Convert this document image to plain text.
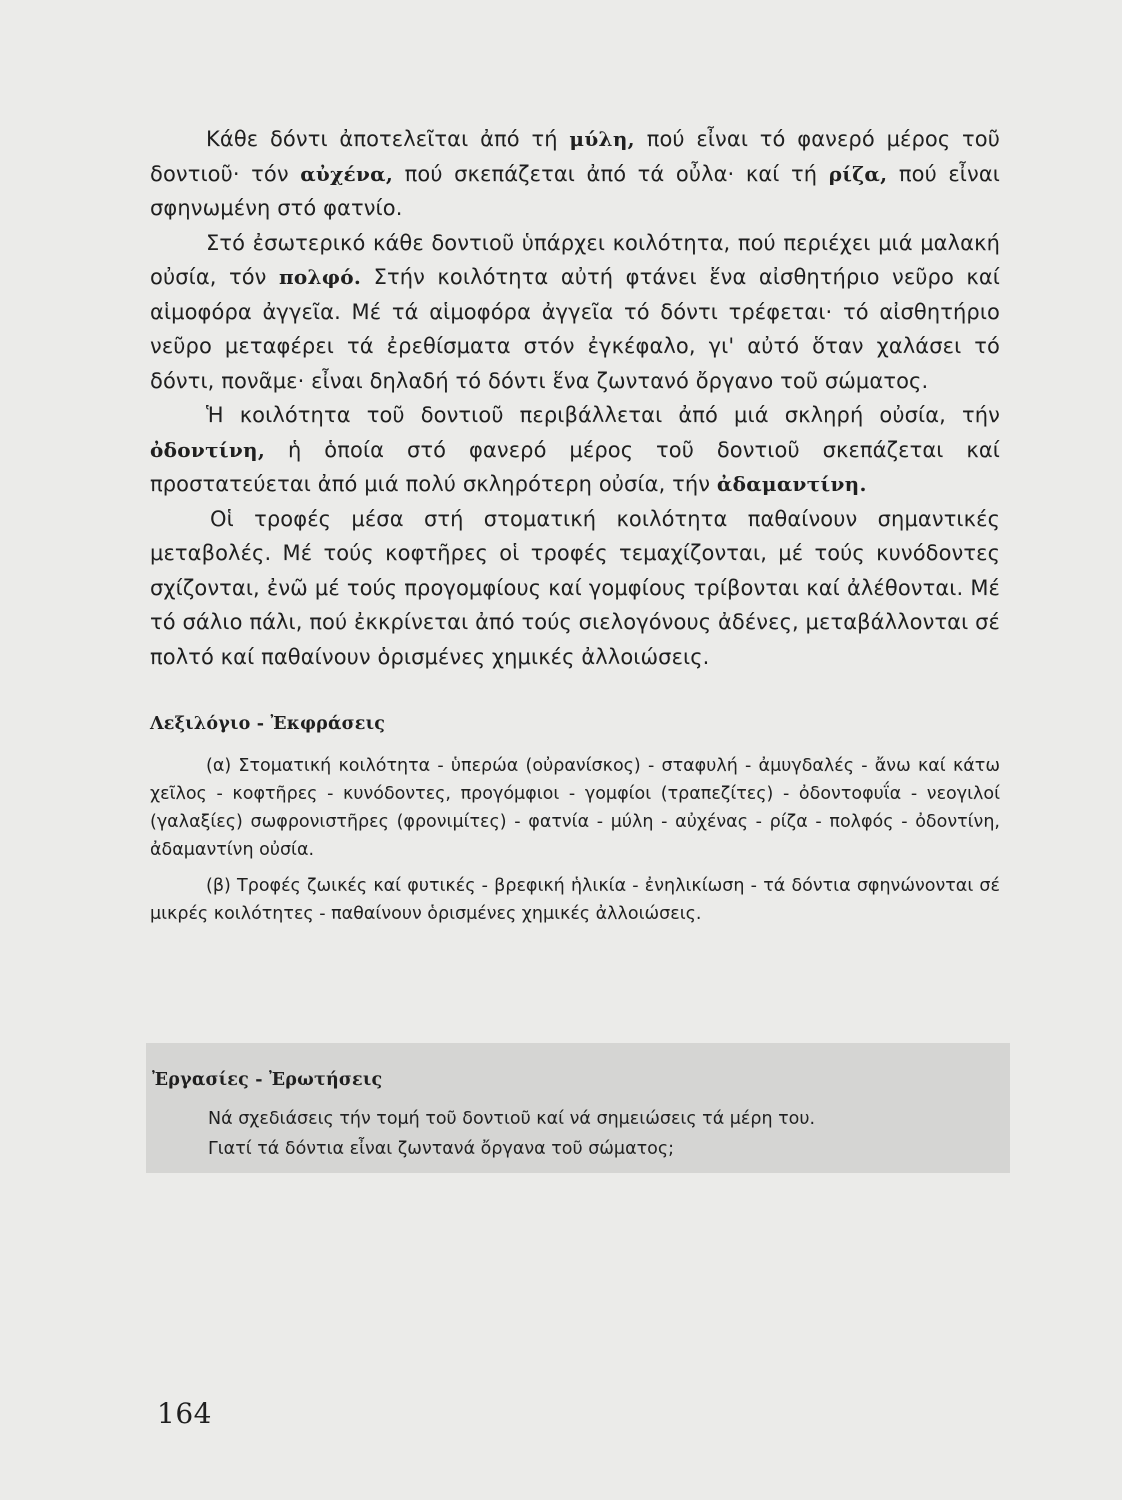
Κάθε δόντι ἀποτελεῖται ἀπό τή μύλη, πού εἶναι τό φανερό μέρος τοῦ δοντιοῦ· τόν αὐχένα, πού σκεπάζεται ἀπό τά οὖλα· καί τή ρίζα, πού εἶναι σφηνωμένη στό φατνίο.

Στό ἐσωτερικό κάθε δοντιοῦ ὑπάρχει κοιλότητα, πού περιέχει μιά μαλακή οὐσία, τόν πολφό. Στήν κοιλότητα αὐτή φτάνει ἕνα αἰσθητήριο νεῦρο καί αἱμοφόρα ἀγγεῖα. Μέ τά αἱμοφόρα ἀγγεῖα τό δόντι τρέφεται· τό αἰσθητήριο νεῦρο μεταφέρει τά ἐρεθίσματα στόν ἐγκέφαλο, γι' αὐτό ὅταν χαλάσει τό δόντι, πονᾶμε· εἶναι δηλαδή τό δόντι ἕνα ζωντανό ὄργανο τοῦ σώματος.

Ἡ κοιλότητα τοῦ δοντιοῦ περιβάλλεται ἀπό μιά σκληρή οὐσία, τήν ὀδοντίνη, ἡ ὁποία στό φανερό μέρος τοῦ δοντιοῦ σκεπάζεται καί προστατεύεται ἀπό μιά πολύ σκληρότερη οὐσία, τήν ἀδαμαντίνη.

Οἱ τροφές μέσα στή στοματική κοιλότητα παθαίνουν σημαντικές μεταβολές. Μέ τούς κοφτῆρες οἱ τροφές τεμαχίζονται, μέ τούς κυνόδοντες σχίζονται, ἐνῶ μέ τούς προγομφίους καί γομφίους τρίβονται καί ἀλέθονται. Μέ τό σάλιο πάλι, πού ἐκκρίνεται ἀπό τούς σιελογόνους ἀδένες, μεταβάλλονται σέ πολτό καί παθαίνουν ὁρισμένες χημικές ἀλλοιώσεις.

Λεξιλόγιο - Ἐκφράσεις

(α) Στοματική κοιλότητα - ὑπερώα (οὐρανίσκος) - σταφυλή - ἀμυγδαλές - ἄνω καί κάτω χεῖλος - κοφτῆρες - κυνόδοντες, προγόμφιοι - γομφίοι (τραπεζίτες) - ὀδοντοφυΐα - νεογιλοί (γαλαξίες) σωφρονιστῆρες (φρονιμίτες) - φατνία - μύλη - αὐχένας - ρίζα - πολφός - ὀδοντίνη, ἀδαμαντίνη οὐσία.

(β) Τροφές ζωικές καί φυτικές - βρεφική ἡλικία - ἐνηλικίωση - τά δόντια σφηνώνονται σέ μικρές κοιλότητες - παθαίνουν ὁρισμένες χημικές ἀλλοιώσεις.

Ἐργασίες - Ἐρωτήσεις
Νά σχεδιάσεις τήν τομή τοῦ δοντιοῦ καί νά σημειώσεις τά μέρη του.
Γιατί τά δόντια εἶναι ζωντανά ὄργανα τοῦ σώματος;
164
